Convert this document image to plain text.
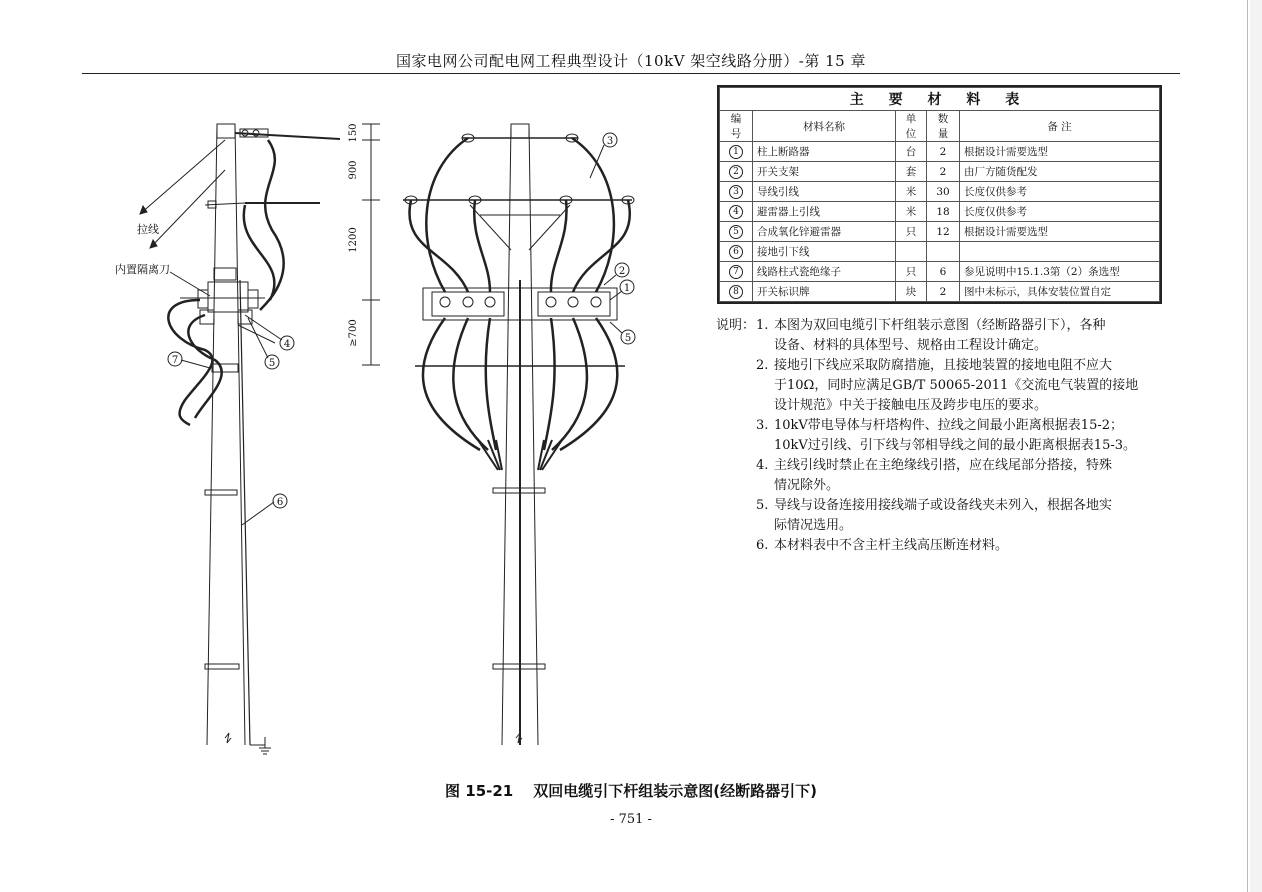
国家电网公司配电网工程典型设计（10kV 架空线路分册）-第 15 章
4
5
7
6
拉线
内置隔离刀
150
900
1200
≥700
3
2
1
5
主 要 材 料 表				
编 号	材料名称	单 位	数 量	备 注
1	柱上断路器	台	2	根据设计需要选型
2	开关支架	套	2	由厂方随货配发
3	导线引线	米	30	长度仅供参考
4	避雷器上引线	米	18	长度仅供参考
5	合成氧化锌避雷器	只	12	根据设计需要选型
6	接地引下线			
7	线路柱式瓷绝缘子	只	6	参见说明中15.1.3第（2）条选型
8	开关标识牌	块	2	图中未标示，具体安装位置自定
说明： 1. 本图为双回电缆引下杆组装示意图（经断路器引下），各种
设备、材料的具体型号、规格由工程设计确定。
2. 接地引下线应采取防腐措施，且接地装置的接地电阻不应大
于10Ω，同时应满足GB/T 50065-2011《交流电气装置的接地
设计规范》中关于接触电压及跨步电压的要求。
3. 10kV带电导体与杆塔构件、拉线之间最小距离根据表15-2；
10kV过引线、引下线与邻相导线之间的最小距离根据表15-3。
4. 主线引线时禁止在主绝缘线引搭，应在线尾部分搭接，特殊
情况除外。
5. 导线与设备连接用接线端子或设备线夹未列入，根据各地实
际情况选用。
6. 本材料表中不含主杆主线高压断连材料。
图 15-21 双回电缆引下杆组装示意图(经断路器引下)
- 751 -
